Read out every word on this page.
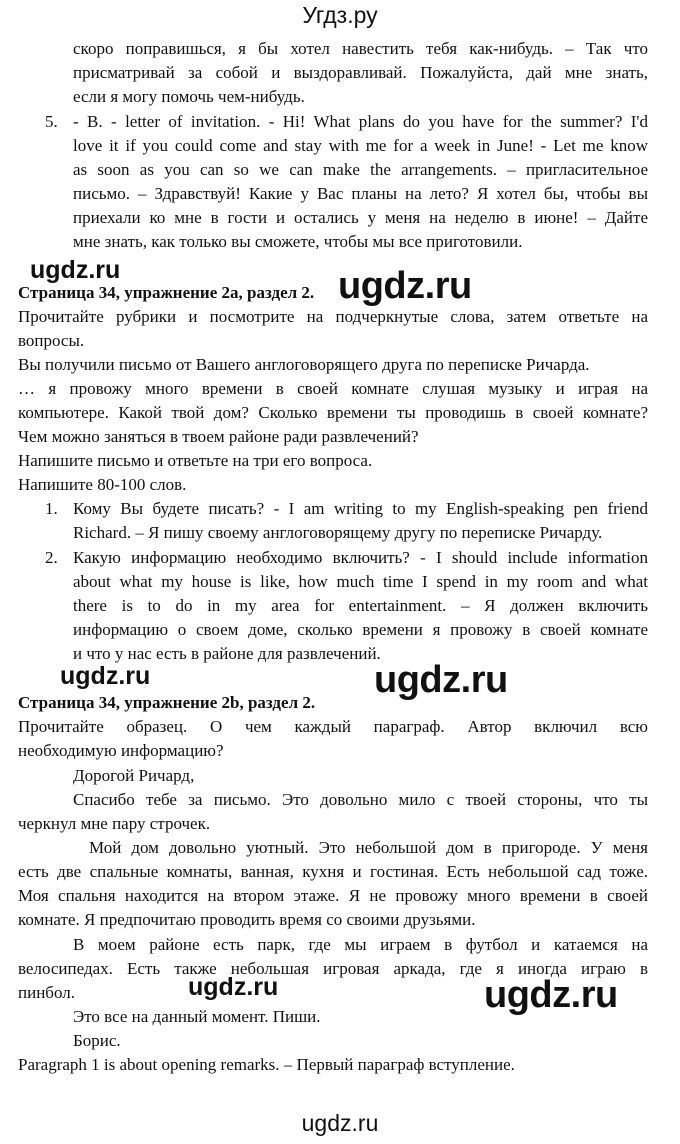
Угдз.ру
скоро поправишься, я бы хотел навестить тебя как-нибудь. – Так что
присматривай за собой и выздоравливай. Пожалуйста, дай мне знать,
если я могу помочь чем-нибудь.
5. - B. - letter of invitation. - Hi! What plans do you have for the summer? I'd
love it if you could come and stay with me for a week in June! - Let me know
as soon as you can so we can make the arrangements. – пригласительное
письмо. – Здравствуй! Какие у Вас планы на лето? Я хотел бы, чтобы вы
приехали ко мне в гости и остались у меня на неделю в июне! – Дайте
мне знать, как только вы сможете, чтобы мы все приготовили.
ugdz.ru	ugdz.ru
Страница 34, упражнение 2a, раздел 2.
Прочитайте рубрики и посмотрите на подчеркнутые слова, затем ответьте на
вопросы.
Вы получили письмо от Вашего англоговорящего друга по переписке Ричарда.
… я провожу много времени в своей комнате слушая музыку и играя на
компьютере. Какой твой дом? Сколько времени ты проводишь в своей комнате?
Чем можно заняться в твоем районе ради развлечений?
Напишите письмо и ответьте на три его вопроса.
Напишите 80-100 слов.
1. Кому Вы будете писать? - I am writing to my English-speaking pen friend
Richard. – Я пишу своему англоговорящему другу по переписке Ричарду.
2. Какую информацию необходимо включить? - I should include information
about what my house is like, how much time I spend in my room and what
there is to do in my area for entertainment. – Я должен включить
информацию о своем доме, сколько времени я провожу в своей комнате
и что у нас есть в районе для развлечений.
ugdz.ru	ugdz.ru
Страница 34, упражнение 2b, раздел 2.
Прочитайте образец. О чем каждый параграф. Автор включил всю
необходимую информацию?
Дорогой Ричард,
Спасибо тебе за письмо. Это довольно мило с твоей стороны, что ты
черкнул мне пару строчек.
Мой дом довольно уютный. Это небольшой дом в пригороде. У меня
есть две спальные комнаты, ванная, кухня и гостиная. Есть небольшой сад тоже.
Моя спальня находится на втором этаже. Я не провожу много времени в своей
комнате. Я предпочитаю проводить время со своими друзьями.
В моем районе есть парк, где мы играем в футбол и катаемся на
велосипедах. Есть также небольшая игровая аркада, где я иногда играю в
пинбол.	ugdz.ru	ugdz.ru
Это все на данный момент. Пиши.
Борис.
Paragraph 1 is about opening remarks. – Первый параграф вступление.
ugdz.ru
